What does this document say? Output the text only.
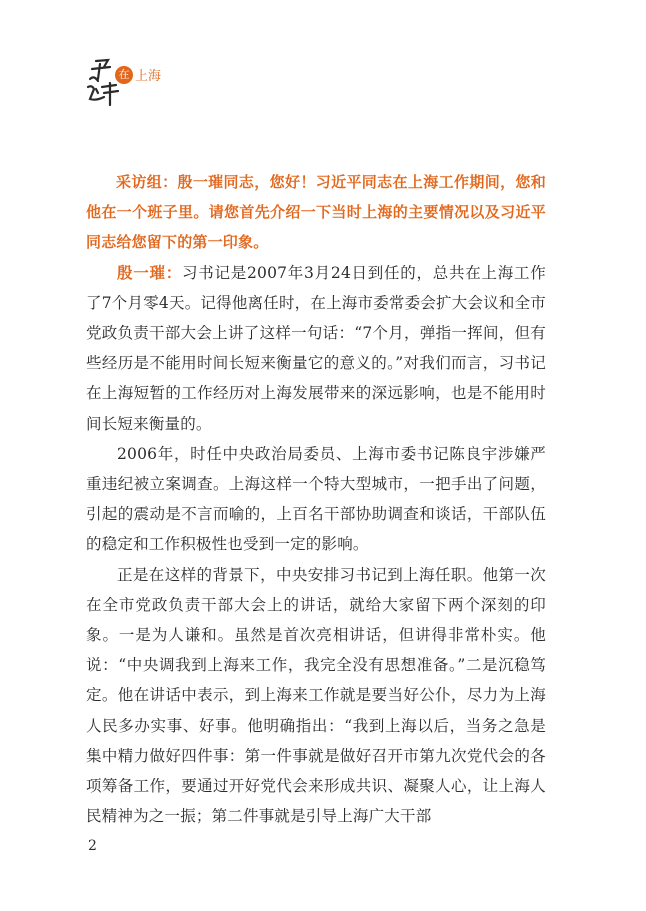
在 上海

采访组：殷一璀同志，您好！习近平同志在上海工作期间，您和他在一个班子里。请您首先介绍一下当时上海的主要情况以及习近平同志给您留下的第一印象。

殷一璀：习书记是2007年3月24日到任的，总共在上海工作了7个月零4天。记得他离任时，在上海市委常委会扩大会议和全市党政负责干部大会上讲了这样一句话：“7个月，弹指一挥间，但有些经历是不能用时间长短来衡量它的意义的。”对我们而言，习书记在上海短暂的工作经历对上海发展带来的深远影响，也是不能用时间长短来衡量的。

2006年，时任中央政治局委员、上海市委书记陈良宇涉嫌严重违纪被立案调查。上海这样一个特大型城市，一把手出了问题，引起的震动是不言而喻的，上百名干部协助调查和谈话，干部队伍的稳定和工作积极性也受到一定的影响。

正是在这样的背景下，中央安排习书记到上海任职。他第一次在全市党政负责干部大会上的讲话，就给大家留下两个深刻的印象。一是为人谦和。虽然是首次亮相讲话，但讲得非常朴实。他说：“中央调我到上海来工作，我完全没有思想准备。”二是沉稳笃定。他在讲话中表示，到上海来工作就是要当好公仆，尽力为上海人民多办实事、好事。他明确指出：“我到上海以后，当务之急是集中精力做好四件事：第一件事就是做好召开市第九次党代会的各项筹备工作，要通过开好党代会来形成共识、凝聚人心，让上海人民精神为之一振；第二件事就是引导上海广大干部

2
